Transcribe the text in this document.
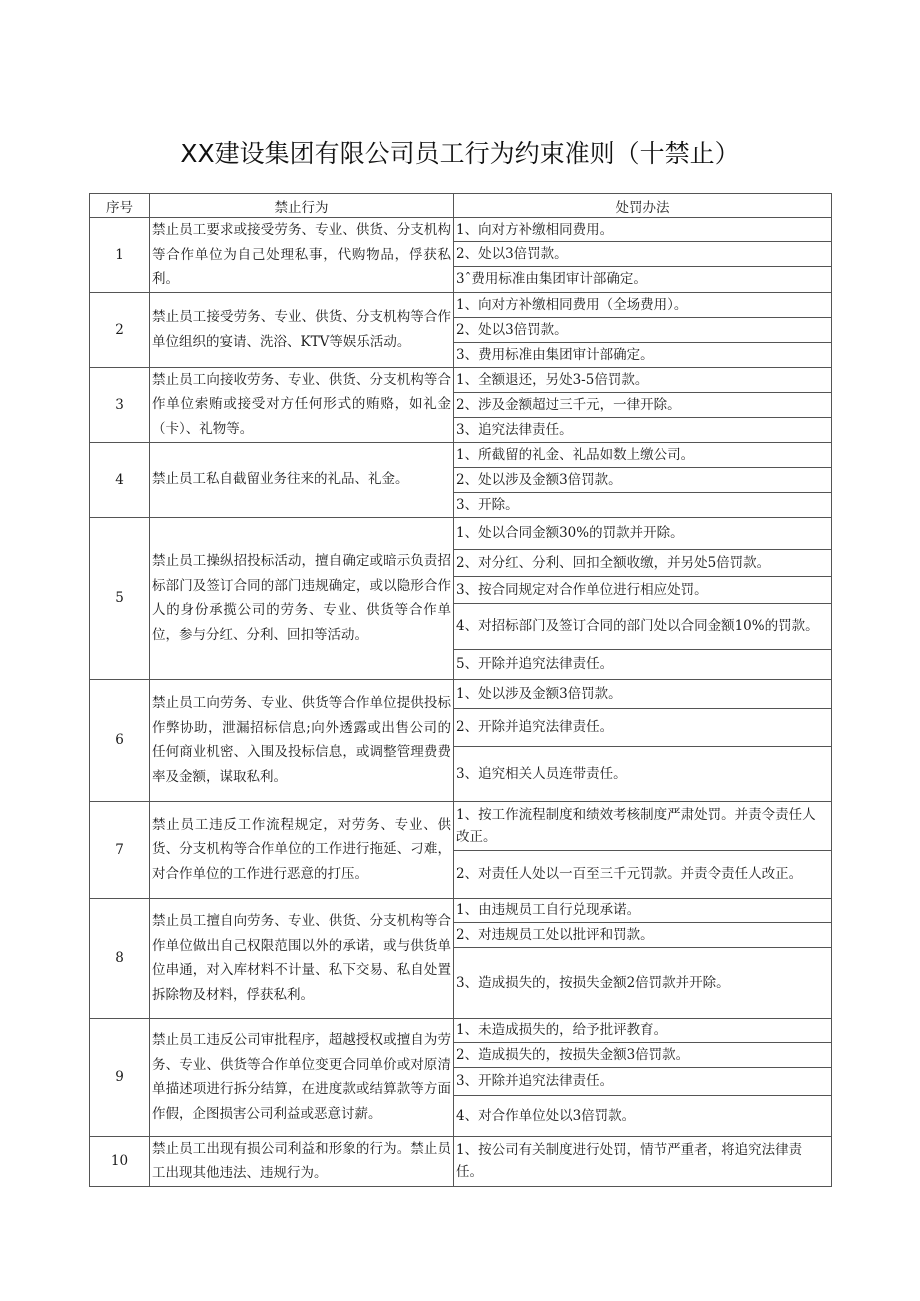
XX建设集团有限公司员工行为约束准则（十禁止）
序号	禁止行为	处罚办法
1	禁止员工要求或接受劳务、专业、供货、分支机构等合作单位为自己处理私事，代购物品，俘获私利。	1、向对方补缴相同费用。
		2、处以3倍罚款。
		3ˆ费用标准由集团审计部确定。
2	禁止员工接受劳务、专业、供货、分支机构等合作单位组织的宴请、洗浴、KTV等娱乐活动。	1、向对方补缴相同费用（全场费用）。
		2、处以3倍罚款。
		3、费用标准由集团审计部确定。
3	禁止员工向接收劳务、专业、供货、分支机构等合作单位索贿或接受对方任何形式的贿赂，如礼金（卡）、礼物等。	1、全额退还，另处3-5倍罚款。
		2、涉及金额超过三千元，一律开除。
		3、追究法律责任。
4	禁止员工私自截留业务往来的礼品、礼金。	1、所截留的礼金、礼品如数上缴公司。
		2、处以涉及金额3倍罚款。
		3、开除。
5	禁止员工操纵招投标活动，擅自确定或暗示负责招标部门及签订合同的部门违规确定，或以隐形合作人的身份承揽公司的劳务、专业、供货等合作单位，参与分红、分利、回扣等活动。	1、处以合同金额30%的罚款并开除。
		2、对分红、分利、回扣全额收缴，并另处5倍罚款。
		3、按合同规定对合作单位进行相应处罚。
		4、对招标部门及签订合同的部门处以合同金额10%的罚款。
		5、开除并追究法律责任。
6	禁止员工向劳务、专业、供货等合作单位提供投标作弊协助，泄漏招标信息;向外透露或出售公司的任何商业机密、入围及投标信息，或调整管理费费率及金额，谋取私利。	1、处以涉及金额3倍罚款。
		2、开除并追究法律责任。
		3、追究相关人员连带责任。
7	禁止员工违反工作流程规定，对劳务、专业、供货、分支机构等合作单位的工作进行拖延、刁难，对合作单位的工作进行恶意的打压。	1、按工作流程制度和绩效考核制度严肃处罚。并责令责任人改正。
		2、对责任人处以一百至三千元罚款。并责令责任人改正。
8	禁止员工擅自向劳务、专业、供货、分支机构等合作单位做出自己权限范围以外的承诺，或与供货单位串通，对入库材料不计量、私下交易、私自处置拆除物及材料，俘获私利。	1、由违规员工自行兑现承诺。
		2、对违规员工处以批评和罚款。
		3、造成损失的，按损失金额2倍罚款并开除。
9	禁止员工违反公司审批程序，超越授权或擅自为劳务、专业、供货等合作单位变更合同单价或对原清单描述项进行拆分结算，在进度款或结算款等方面作假，企图损害公司利益或恶意讨薪。	1、未造成损失的，给予批评教育。
		2、造成损失的，按损失金额3倍罚款。
		3、开除并追究法律责任。
		4、对合作单位处以3倍罚款。
10	禁止员工出现有损公司利益和形象的行为。禁止员工出现其他违法、违规行为。	1、按公司有关制度进行处罚，情节严重者，将追究法律责任。
